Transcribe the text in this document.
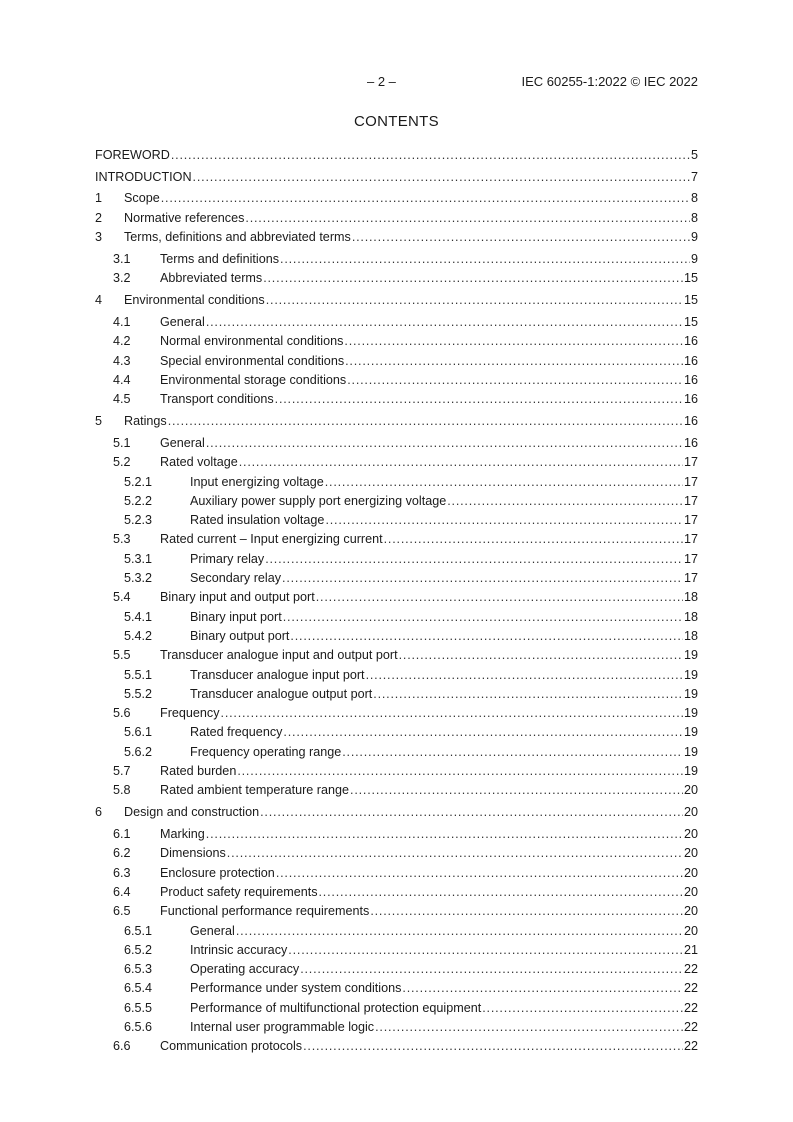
– 2 –	IEC 60255-1:2022 © IEC 2022
CONTENTS
FOREWORD .....	5
INTRODUCTION .....	7
1	Scope .....	8
2	Normative references .....	8
3	Terms, definitions and abbreviated terms .....	9
3.1	Terms and definitions .....	9
3.2	Abbreviated terms .....	15
4	Environmental conditions .....	15
4.1	General .....	15
4.2	Normal environmental conditions .....	16
4.3	Special environmental conditions .....	16
4.4	Environmental storage conditions .....	16
4.5	Transport conditions .....	16
5	Ratings .....	16
5.1	General .....	16
5.2	Rated voltage .....	17
5.2.1	Input energizing voltage .....	17
5.2.2	Auxiliary power supply port energizing voltage .....	17
5.2.3	Rated insulation voltage .....	17
5.3	Rated current – Input energizing current .....	17
5.3.1	Primary relay .....	17
5.3.2	Secondary relay .....	17
5.4	Binary input and output port .....	18
5.4.1	Binary input port .....	18
5.4.2	Binary output port .....	18
5.5	Transducer analogue input and output port .....	19
5.5.1	Transducer analogue input port .....	19
5.5.2	Transducer analogue output port .....	19
5.6	Frequency .....	19
5.6.1	Rated frequency .....	19
5.6.2	Frequency operating range .....	19
5.7	Rated burden .....	19
5.8	Rated ambient temperature range .....	20
6	Design and construction .....	20
6.1	Marking .....	20
6.2	Dimensions .....	20
6.3	Enclosure protection .....	20
6.4	Product safety requirements .....	20
6.5	Functional performance requirements .....	20
6.5.1	General .....	20
6.5.2	Intrinsic accuracy .....	21
6.5.3	Operating accuracy .....	22
6.5.4	Performance under system conditions .....	22
6.5.5	Performance of multifunctional protection equipment .....	22
6.5.6	Internal user programmable logic .....	22
6.6	Communication protocols .....	22
